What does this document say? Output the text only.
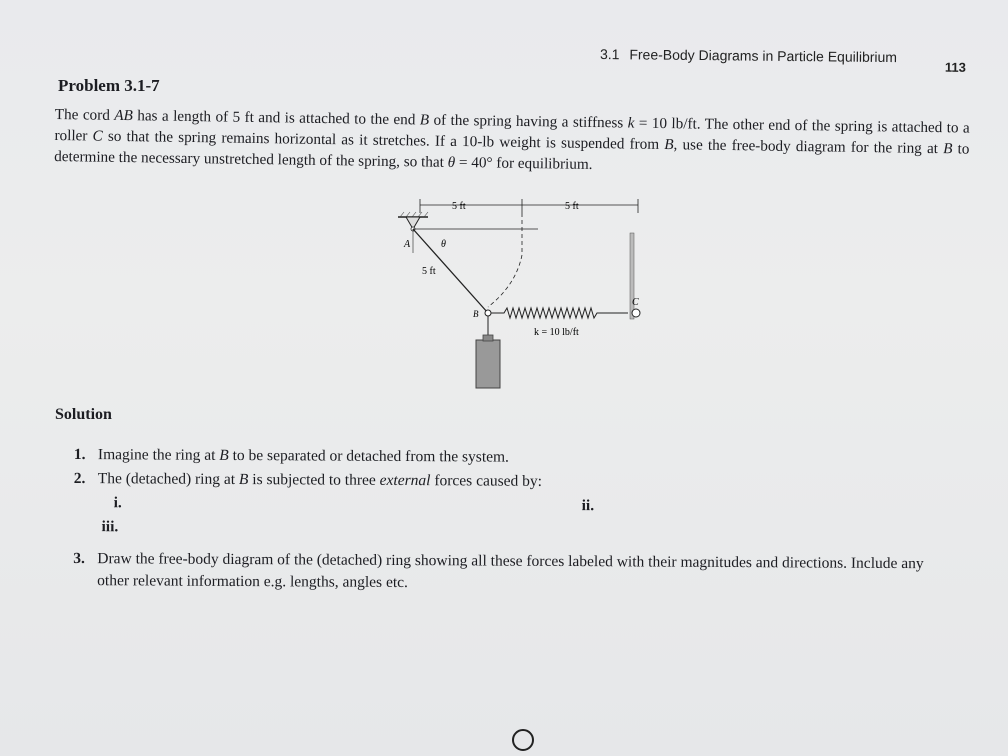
3.1 Free-Body Diagrams in Particle Equilibrium
113
Problem 3.1-7

The cord AB has a length of 5 ft and is attached to the end B of the spring having a stiffness k = 10 lb/ft. The other end of the spring is attached to a roller C so that the spring remains horizontal as it stretches. If a 10-lb weight is suspended from B, use the free-body diagram for the ring at B to determine the necessary unstretched length of the spring, so that θ = 40° for equilibrium.

5 ft	5 ft
A	θ
5 ft
B
C
k = 10 lb/ft
Solution
1. Imagine the ring at B to be separated or detached from the system.
2. The (detached) ring at B is subjected to three external forces caused by:
i.	ii.
iii.
3. Draw the free-body diagram of the (detached) ring showing all these forces labeled with their magnitudes and directions. Include any other relevant information e.g. lengths, angles etc.
